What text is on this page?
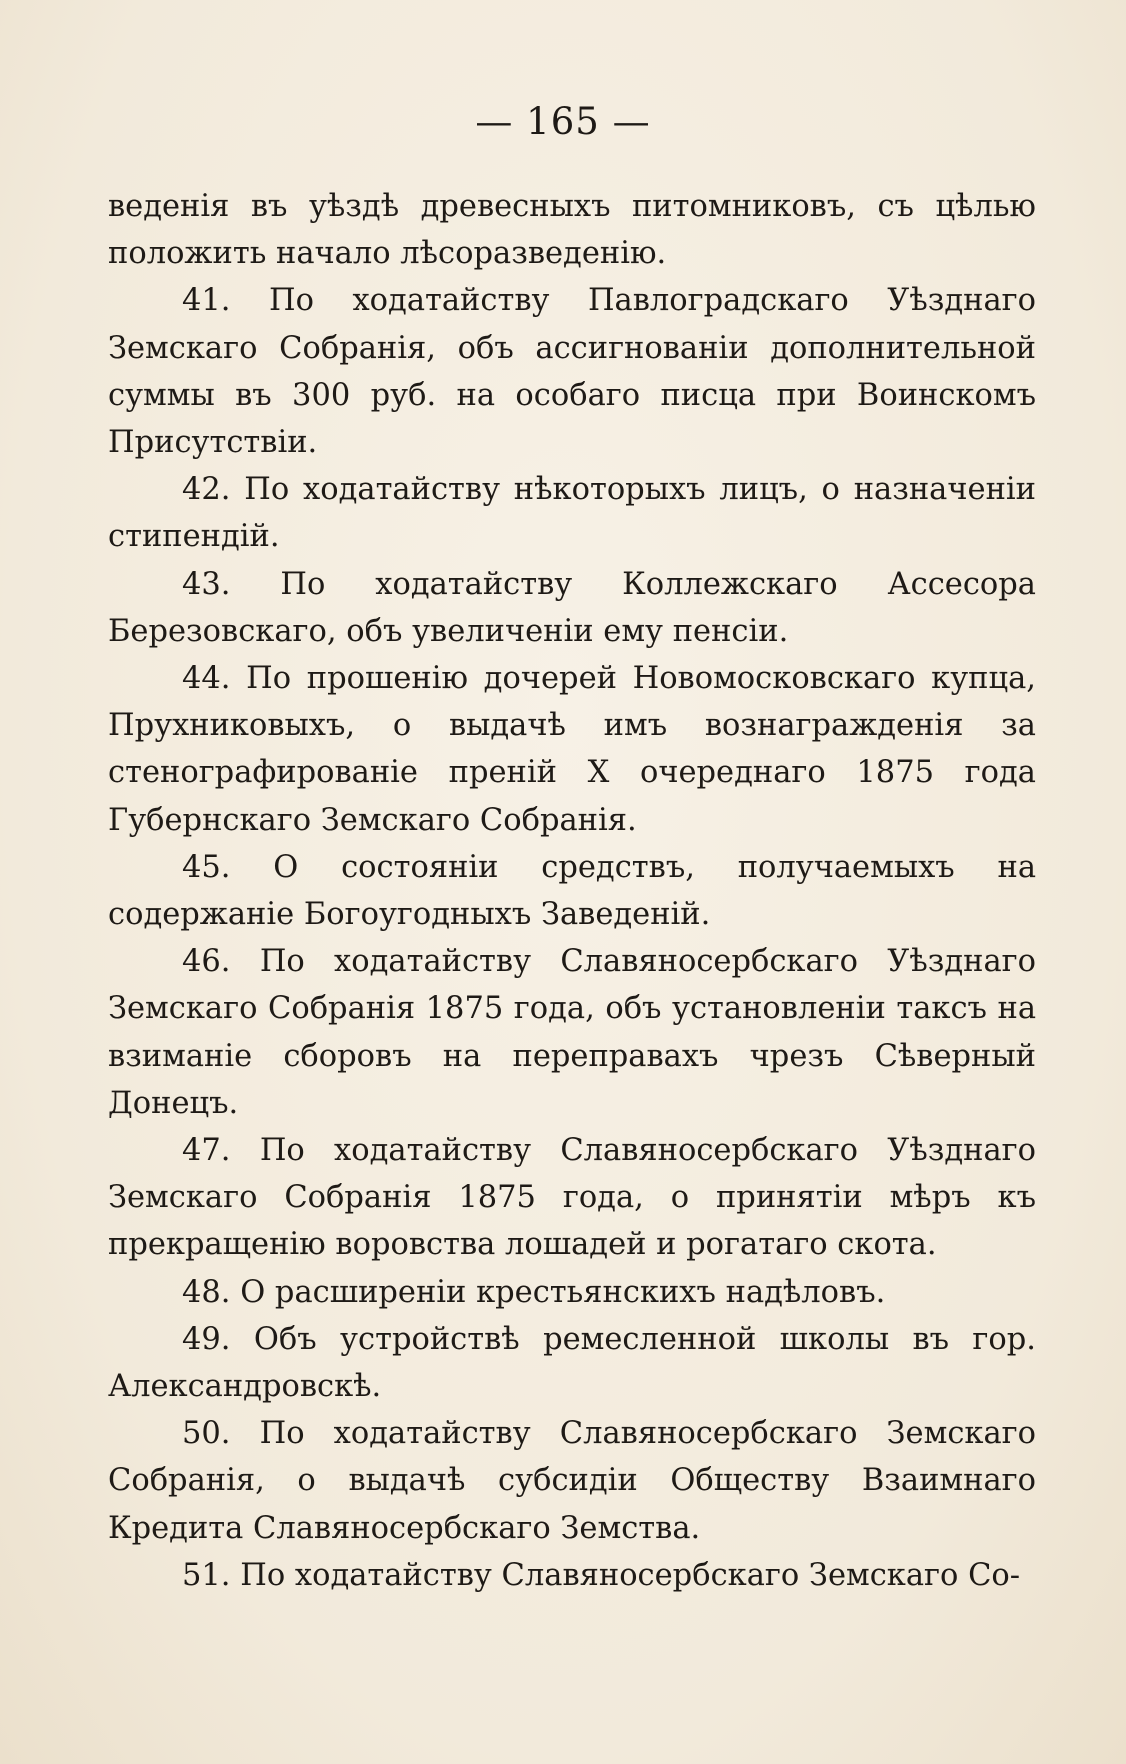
— 165 —

веденія въ уѣздѣ древесныхъ питомниковъ, съ цѣлью положить начало лѣсоразведенію.

41. По ходатайству Павлоградскаго Уѣзднаго Земскаго Собранія, объ ассигнованіи дополнительной суммы въ 300 руб. на особаго писца при Воинскомъ Присутствіи.

42. По ходатайству нѣкоторыхъ лицъ, о назначеніи стипендій.

43. По ходатайству Коллежскаго Ассесора Березовскаго, объ увеличеніи ему пенсіи.

44. По прошенію дочерей Новомосковскаго купца, Прухниковыхъ, о выдачѣ имъ вознагражденія за стенографированіе преній X очереднаго 1875 года Губернскаго Земскаго Собранія.

45. О состояніи средствъ, получаемыхъ на содержаніе Богоугодныхъ Заведеній.

46. По ходатайству Славяносербскаго Уѣзднаго Земскаго Собранія 1875 года, объ установленіи таксъ на взиманіе сборовъ на переправахъ чрезъ Сѣверный Донецъ.

47. По ходатайству Славяносербскаго Уѣзднаго Земскаго Собранія 1875 года, о принятіи мѣръ къ прекращенію воровства лошадей и рогатаго скота.

48. О расширеніи крестьянскихъ надѣловъ.

49. Объ устройствѣ ремесленной школы въ гор. Александровскѣ.

50. По ходатайству Славяносербскаго Земскаго Собранія, о выдачѣ субсидіи Обществу Взаимнаго Кредита Славяносербскаго Земства.

51. По ходатайству Славяносербскаго Земскаго Со-
